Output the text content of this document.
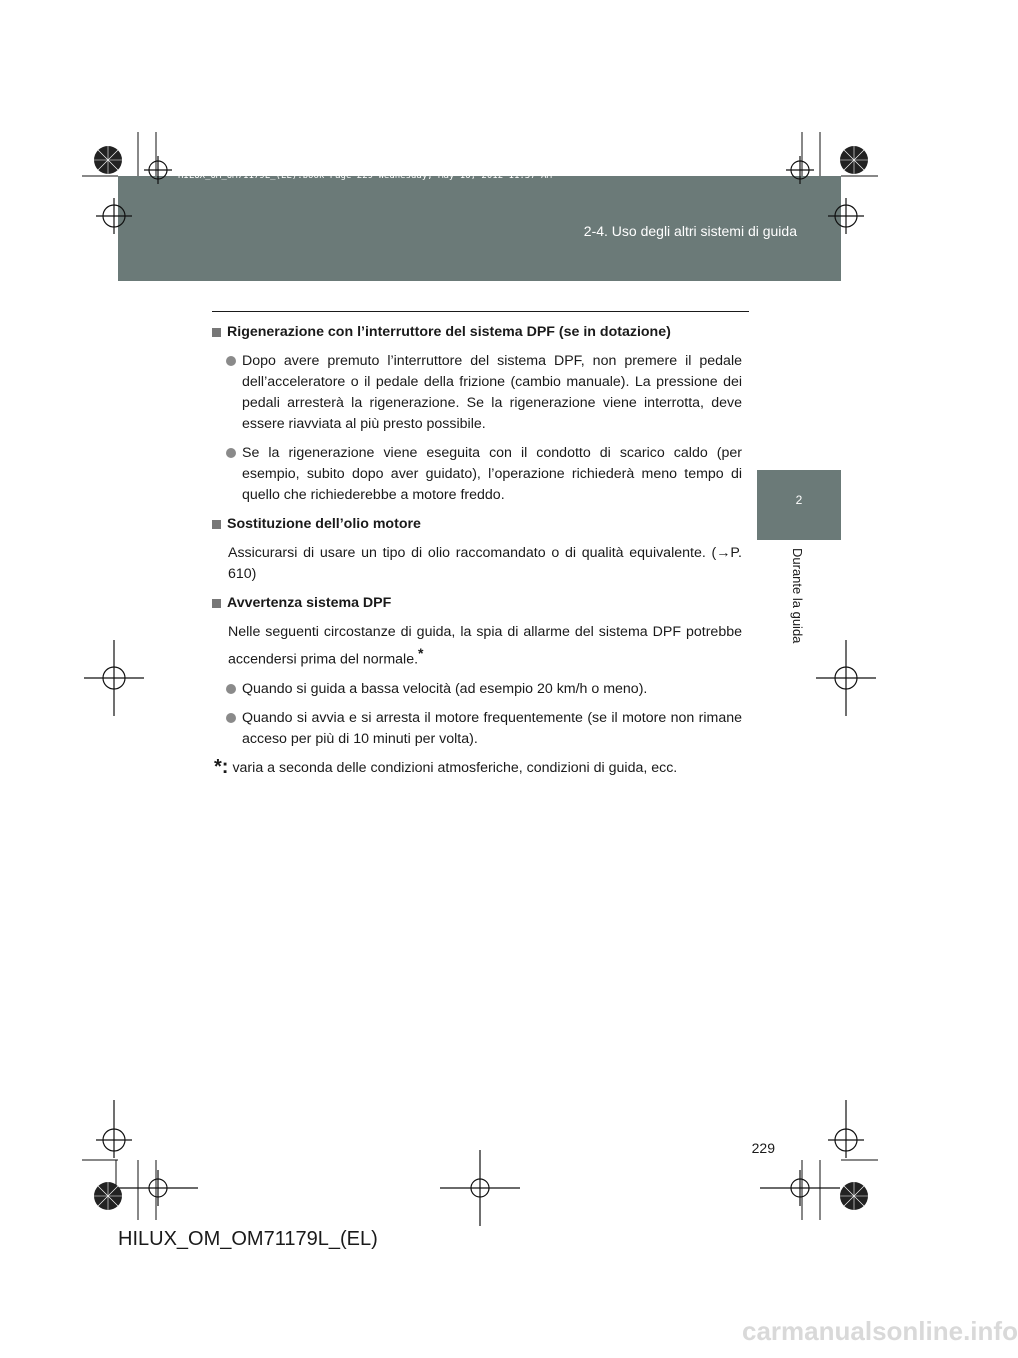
HILUX_OM_OM71179L_(EL).book Page 229 Wednesday, May 16, 2012 11:37 AM
2-4. Uso degli altri sistemi di guida
2
Durante la guida
Rigenerazione con l’interruttore del sistema DPF (se in dotazione)
Dopo avere premuto l’interruttore del sistema DPF, non premere il pedale dell’acceleratore o il pedale della frizione (cambio manuale). La pressione dei pedali arresterà la rigenerazione. Se la rigenerazione viene interrotta, deve essere riavviata al più presto possibile.
Se la rigenerazione viene eseguita con il condotto di scarico caldo (per esempio, subito dopo aver guidato), l’operazione richiederà meno tempo di quello che richiederebbe a motore freddo.
Sostituzione dell’olio motore
Assicurarsi di usare un tipo di olio raccomandato o di qualità equivalente. (→P. 610)
Avvertenza sistema DPF
Nelle seguenti circostanze di guida, la spia di allarme del sistema DPF potrebbe accendersi prima del normale.*
Quando si guida a bassa velocità (ad esempio 20 km/h o meno).
Quando si avvia e si arresta il motore frequentemente (se il motore non rimane acceso per più di 10 minuti per volta).
*: varia a seconda delle condizioni atmosferiche, condizioni di guida, ecc.
229
HILUX_OM_OM71179L_(EL)
carmanualsonline.info
